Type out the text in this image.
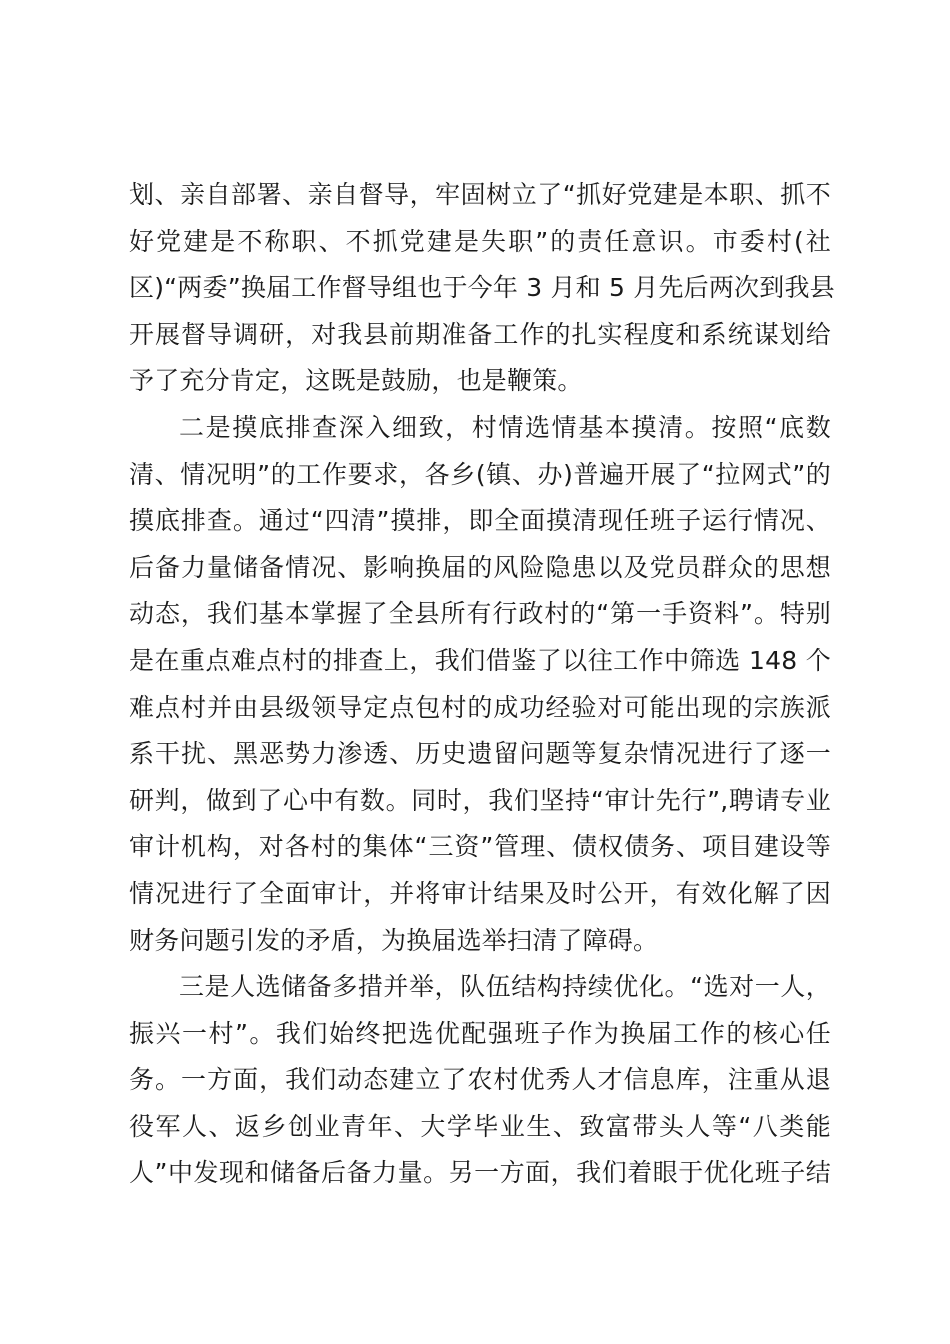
划、亲自部署、亲自督导，牢固树立了“抓好党建是本职、抓不
好党建是不称职、不抓党建是失职”的责任意识。市委村(社
区)“两委”换届工作督导组也于今年 3 月和 5 月先后两次到我县
开展督导调研，对我县前期准备工作的扎实程度和系统谋划给
予了充分肯定，这既是鼓励，也是鞭策。
二是摸底排查深入细致，村情选情基本摸清。按照“底数
清、情况明”的工作要求，各乡(镇、办)普遍开展了“拉网式”的
摸底排查。通过“四清”摸排，即全面摸清现任班子运行情况、
后备力量储备情况、影响换届的风险隐患以及党员群众的思想
动态，我们基本掌握了全县所有行政村的“第一手资料”。特别
是在重点难点村的排查上，我们借鉴了以往工作中筛选 148 个
难点村并由县级领导定点包村的成功经验对可能出现的宗族派
系干扰、黑恶势力渗透、历史遗留问题等复杂情况进行了逐一
研判，做到了心中有数。同时，我们坚持“审计先行”,聘请专业
审计机构，对各村的集体“三资”管理、债权债务、项目建设等
情况进行了全面审计，并将审计结果及时公开，有效化解了因
财务问题引发的矛盾，为换届选举扫清了障碍。
三是人选储备多措并举，队伍结构持续优化。“选对一人，
振兴一村”。我们始终把选优配强班子作为换届工作的核心任
务。一方面，我们动态建立了农村优秀人才信息库，注重从退
役军人、返乡创业青年、大学毕业生、致富带头人等“八类能
人”中发现和储备后备力量。另一方面，我们着眼于优化班子结
